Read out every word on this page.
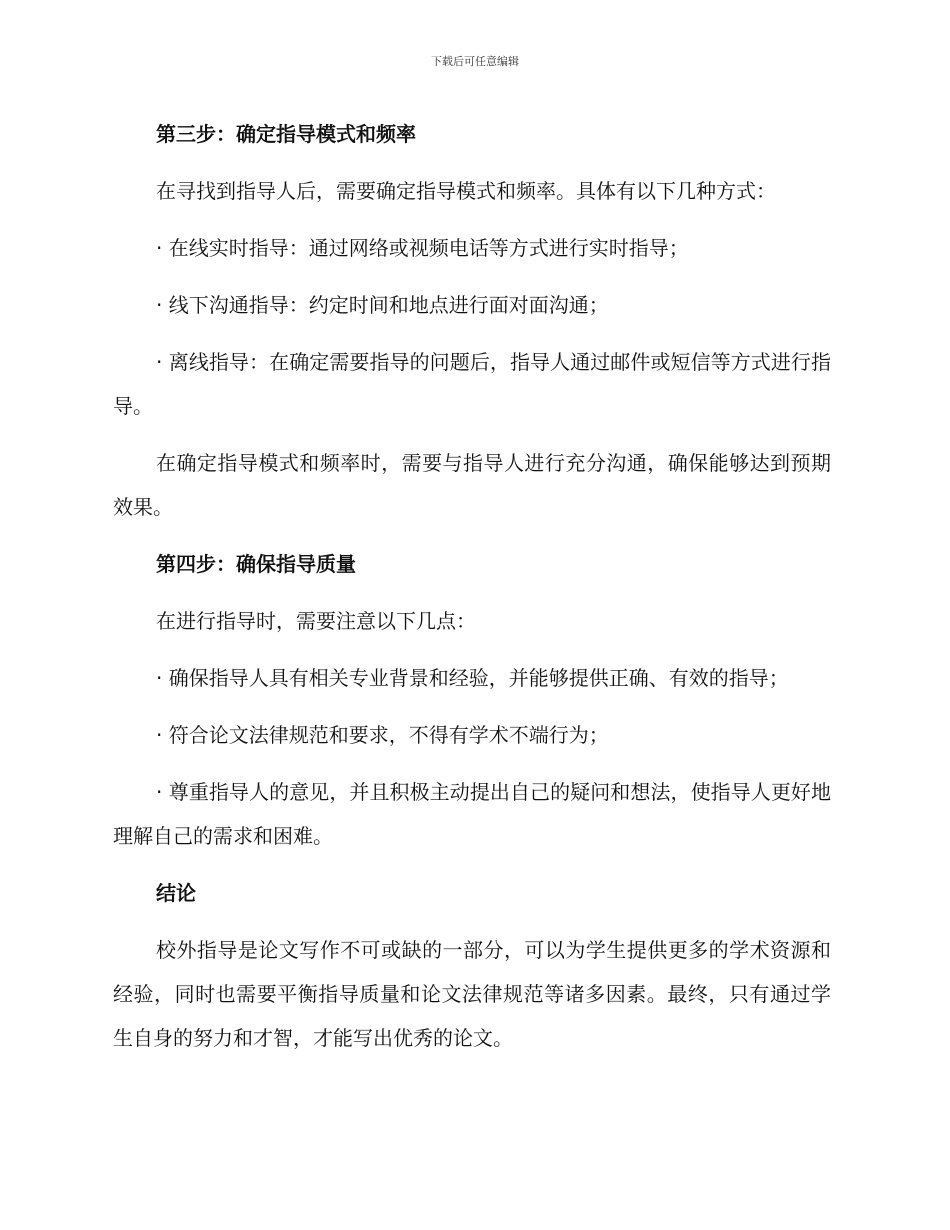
下载后可任意编辑

第三步：确定指导模式和频率

在寻找到指导人后，需要确定指导模式和频率。具体有以下几种方式：

· 在线实时指导：通过网络或视频电话等方式进行实时指导；

· 线下沟通指导：约定时间和地点进行面对面沟通；

· 离线指导：在确定需要指导的问题后，指导人通过邮件或短信等方式进行指导。

在确定指导模式和频率时，需要与指导人进行充分沟通，确保能够达到预期效果。

第四步：确保指导质量

在进行指导时，需要注意以下几点：

· 确保指导人具有相关专业背景和经验，并能够提供正确、有效的指导；

· 符合论文法律规范和要求，不得有学术不端行为；

· 尊重指导人的意见，并且积极主动提出自己的疑问和想法，使指导人更好地理解自己的需求和困难。

结论

校外指导是论文写作不可或缺的一部分，可以为学生提供更多的学术资源和经验，同时也需要平衡指导质量和论文法律规范等诸多因素。最终，只有通过学生自身的努力和才智，才能写出优秀的论文。
